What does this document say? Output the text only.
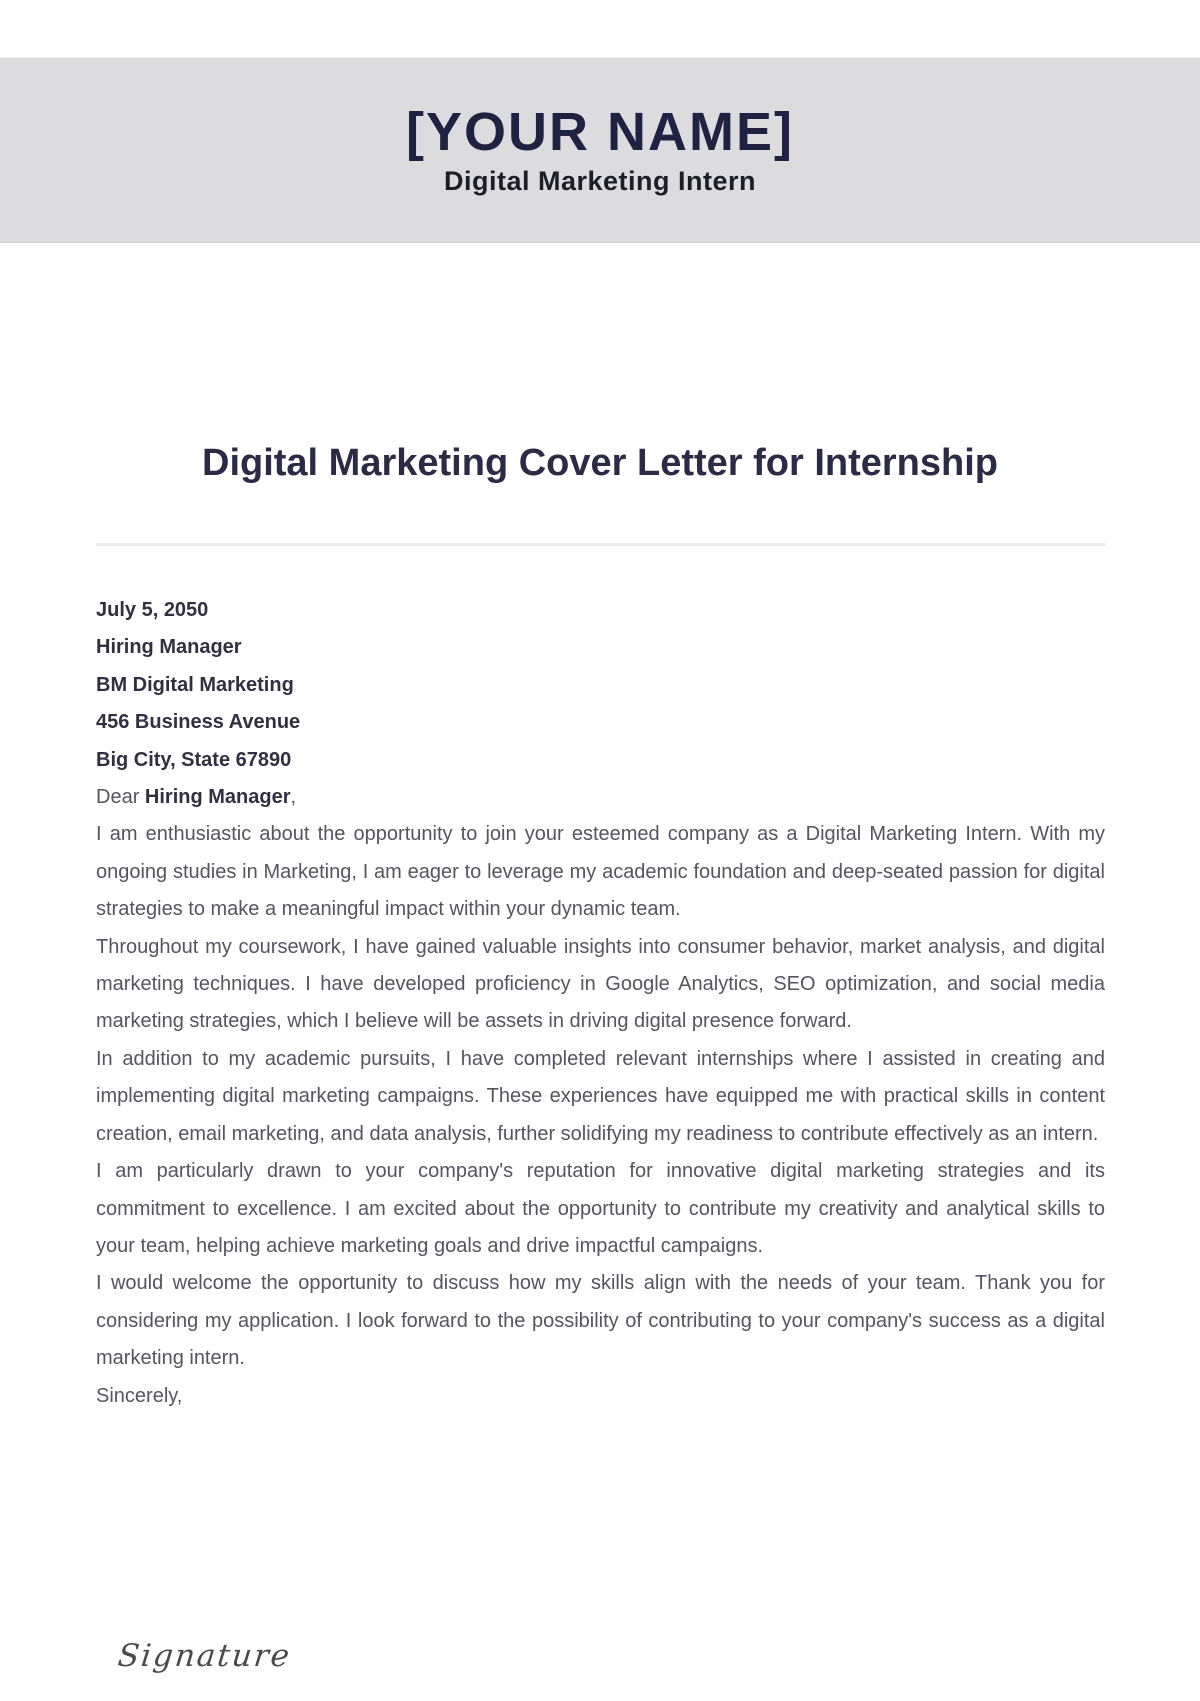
[YOUR NAME]
Digital Marketing Intern
Digital Marketing Cover Letter for Internship

July 5, 2050

Hiring Manager

BM Digital Marketing

456 Business Avenue

Big City, State 67890

Dear Hiring Manager,

I am enthusiastic about the opportunity to join your esteemed company as a Digital Marketing Intern. With my ongoing studies in Marketing, I am eager to leverage my academic foundation and deep-seated passion for digital strategies to make a meaningful impact within your dynamic team.

Throughout my coursework, I have gained valuable insights into consumer behavior, market analysis, and digital marketing techniques. I have developed proficiency in Google Analytics, SEO optimization, and social media marketing strategies, which I believe will be assets in driving digital presence forward.

In addition to my academic pursuits, I have completed relevant internships where I assisted in creating and implementing digital marketing campaigns. These experiences have equipped me with practical skills in content creation, email marketing, and data analysis, further solidifying my readiness to contribute effectively as an intern.

I am particularly drawn to your company's reputation for innovative digital marketing strategies and its commitment to excellence. I am excited about the opportunity to contribute my creativity and analytical skills to your team, helping achieve marketing goals and drive impactful campaigns.

I would welcome the opportunity to discuss how my skills align with the needs of your team. Thank you for considering my application. I look forward to the possibility of contributing to your company's success as a digital marketing intern.

Sincerely,

Signature
